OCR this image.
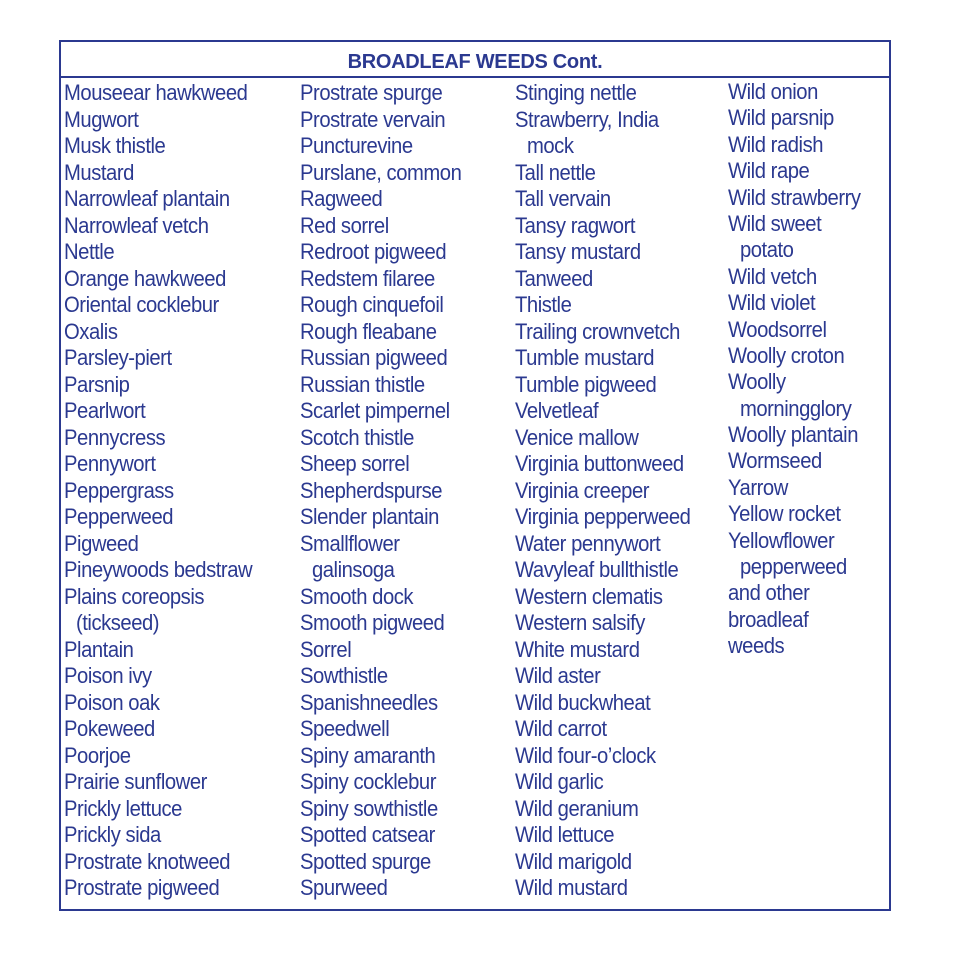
BROADLEAF WEEDS Cont.
Mouseear hawkweed
Mugwort
Musk thistle
Mustard
Narrowleaf plantain
Narrowleaf vetch
Nettle
Orange hawkweed
Oriental cocklebur
Oxalis
Parsley-piert
Parsnip
Pearlwort
Pennycress
Pennywort
Peppergrass
Pepperweed
Pigweed
Pineywoods bedstraw
Plains coreopsis
(tickseed)
Plantain
Poison ivy
Poison oak
Pokeweed
Poorjoe
Prairie sunflower
Prickly lettuce
Prickly sida
Prostrate knotweed
Prostrate pigweed
Prostrate spurge
Prostrate vervain
Puncturevine
Purslane, common
Ragweed
Red sorrel
Redroot pigweed
Redstem filaree
Rough cinquefoil
Rough fleabane
Russian pigweed
Russian thistle
Scarlet pimpernel
Scotch thistle
Sheep sorrel
Shepherdspurse
Slender plantain
Smallflower
galinsoga
Smooth dock
Smooth pigweed
Sorrel
Sowthistle
Spanishneedles
Speedwell
Spiny amaranth
Spiny cocklebur
Spiny sowthistle
Spotted catsear
Spotted spurge
Spurweed
Stinging nettle
Strawberry, India
mock
Tall nettle
Tall vervain
Tansy ragwort
Tansy mustard
Tanweed
Thistle
Trailing crownvetch
Tumble mustard
Tumble pigweed
Velvetleaf
Venice mallow
Virginia buttonweed
Virginia creeper
Virginia pepperweed
Water pennywort
Wavyleaf bullthistle
Western clematis
Western salsify
White mustard
Wild aster
Wild buckwheat
Wild carrot
Wild four-o’clock
Wild garlic
Wild geranium
Wild lettuce
Wild marigold
Wild mustard
Wild onion
Wild parsnip
Wild radish
Wild rape
Wild strawberry
Wild sweet
potato
Wild vetch
Wild violet
Woodsorrel
Woolly croton
Woolly
morningglory
Woolly plantain
Wormseed
Yarrow
Yellow rocket
Yellowflower
pepperweed
and other
broadleaf
weeds
